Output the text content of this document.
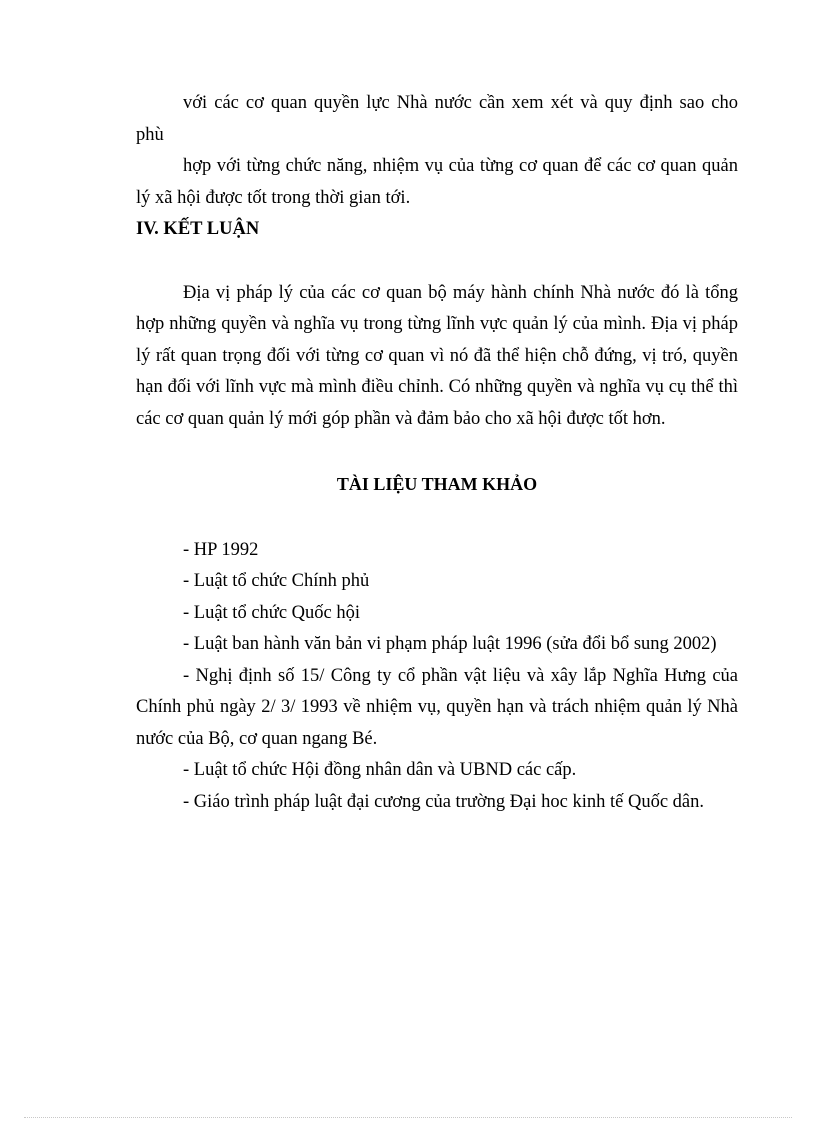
với các cơ quan quyền lực Nhà nước cần xem xét và quy định sao cho

phù

hợp với từng chức năng, nhiệm vụ của từng cơ quan để các cơ quan quản lý xã hội được tốt trong thời gian tới.

IV. KẾT LUẬN

Địa vị pháp lý của các cơ quan bộ máy hành chính Nhà nước đó là tổng hợp những quyền và nghĩa vụ trong từng lĩnh vực quản lý của mình. Địa vị pháp lý rất quan trọng đối với từng cơ quan vì nó đã thể hiện chỗ đứng, vị tró, quyền hạn đối với lĩnh vực mà mình điều chỉnh. Có những quyền và nghĩa vụ cụ thể thì các cơ quan quản lý mới góp phần và đảm bảo cho xã hội được tốt hơn.

TÀI LIỆU THAM KHẢO

- HP 1992

- Luật tổ chức Chính phủ

- Luật tổ chức Quốc hội

- Luật ban hành văn bản vi phạm pháp luật 1996 (sửa đổi bổ sung 2002)

- Nghị định số 15/ Công ty cổ phần vật liệu và xây lắp Nghĩa Hưng của Chính phủ ngày 2/ 3/ 1993 về nhiệm vụ, quyền hạn và trách nhiệm quản lý Nhà nước của Bộ, cơ quan ngang Bé.

- Luật tổ chức Hội đồng nhân dân và UBND các cấp.

- Giáo trình pháp luật đại cương của trường Đại hoc kinh tế Quốc dân.
